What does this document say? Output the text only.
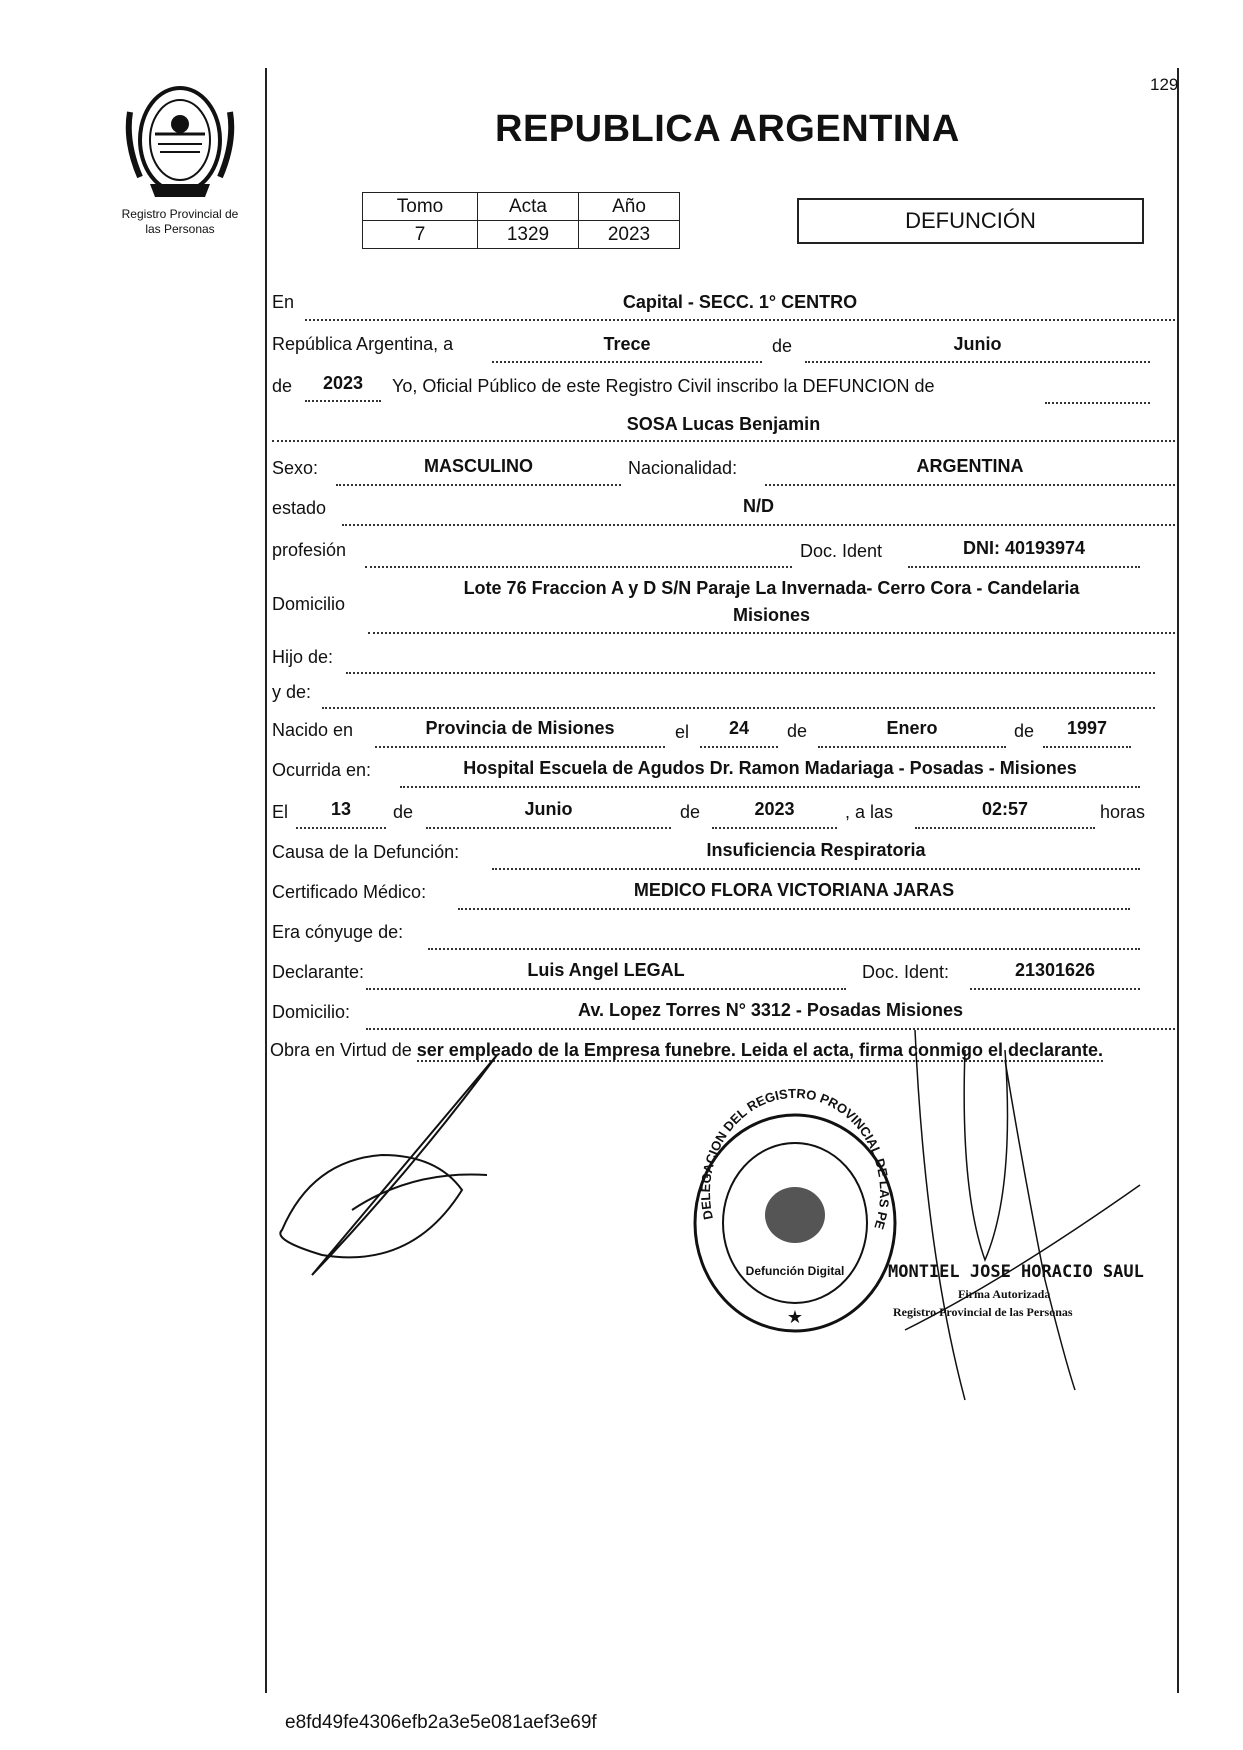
129
Registro Provincial de
las Personas
REPUBLICA ARGENTINA
Tomo	Acta	Año
7	1329	2023
DEFUNCIÓN
En	Capital - SECC. 1° CENTRO
República Argentina, a	Trece	de	Junio
de	2023	Yo, Oficial Público de este Registro Civil inscribo la DEFUNCION de
SOSA Lucas Benjamin
Sexo:	MASCULINO	Nacionalidad:	ARGENTINA
estado	N/D
profesión	Doc. Ident	DNI: 40193974
Domicilio
Lote 76 Fraccion A y D S/N Paraje La Invernada- Cerro Cora - Candelaria
Misiones
Hijo de:
y de:
Nacido en	Provincia de Misiones	el	24	de	Enero	de	1997
Ocurrida en:	Hospital Escuela de Agudos Dr. Ramon Madariaga - Posadas - Misiones
El	13	de	Junio	de	2023	, a las	02:57	horas
Causa de la Defunción:	Insuficiencia Respiratoria
Certificado Médico:	MEDICO FLORA VICTORIANA JARAS
Era cónyuge de:
Declarante:	Luis Angel LEGAL	Doc. Ident:	21301626
Domicilio:	Av. Lopez Torres N° 3312 - Posadas Misiones
Obra en Virtud de ser empleado de la Empresa funebre. Leida el acta, firma conmigo el declarante.
DELEGACION DEL REGISTRO PROVINCIAL DE LAS PERSONAS
Defunción Digital
★
MONTIEL JOSE HORACIO SAUL
Firma Autorizada
Registro Provincial de las Personas
e8fd49fe4306efb2a3e5e081aef3e69f
